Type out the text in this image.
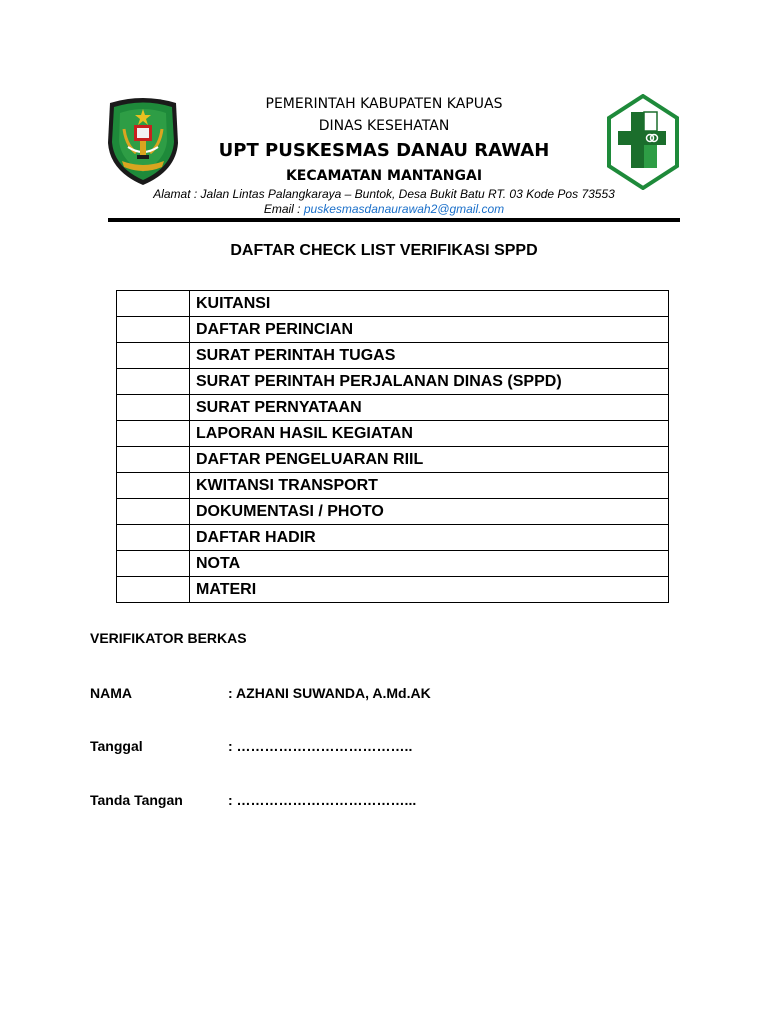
PEMERINTAH KABUPATEN KAPUAS
DINAS KESEHATAN
UPT PUSKESMAS DANAU RAWAH
KECAMATAN MANTANGAI
Alamat : Jalan Lintas Palangkaraya – Buntok, Desa Bukit Batu RT. 03 Kode Pos 73553
Email : puskesmasdanaurawah2@gmail.com
DAFTAR CHECK LIST VERIFIKASI SPPD
	KUITANSI
	DAFTAR PERINCIAN
	SURAT PERINTAH TUGAS
	SURAT PERINTAH PERJALANAN DINAS (SPPD)
	SURAT PERNYATAAN
	LAPORAN HASIL KEGIATAN
	DAFTAR PENGELUARAN RIIL
	KWITANSI TRANSPORT
	DOKUMENTASI / PHOTO
	DAFTAR HADIR
	NOTA
	MATERI
VERIFIKATOR BERKAS
NAMA	: AZHANI SUWANDA, A.Md.AK
Tanggal	: ………………………………..
Tanda Tangan	: ………………………………...
